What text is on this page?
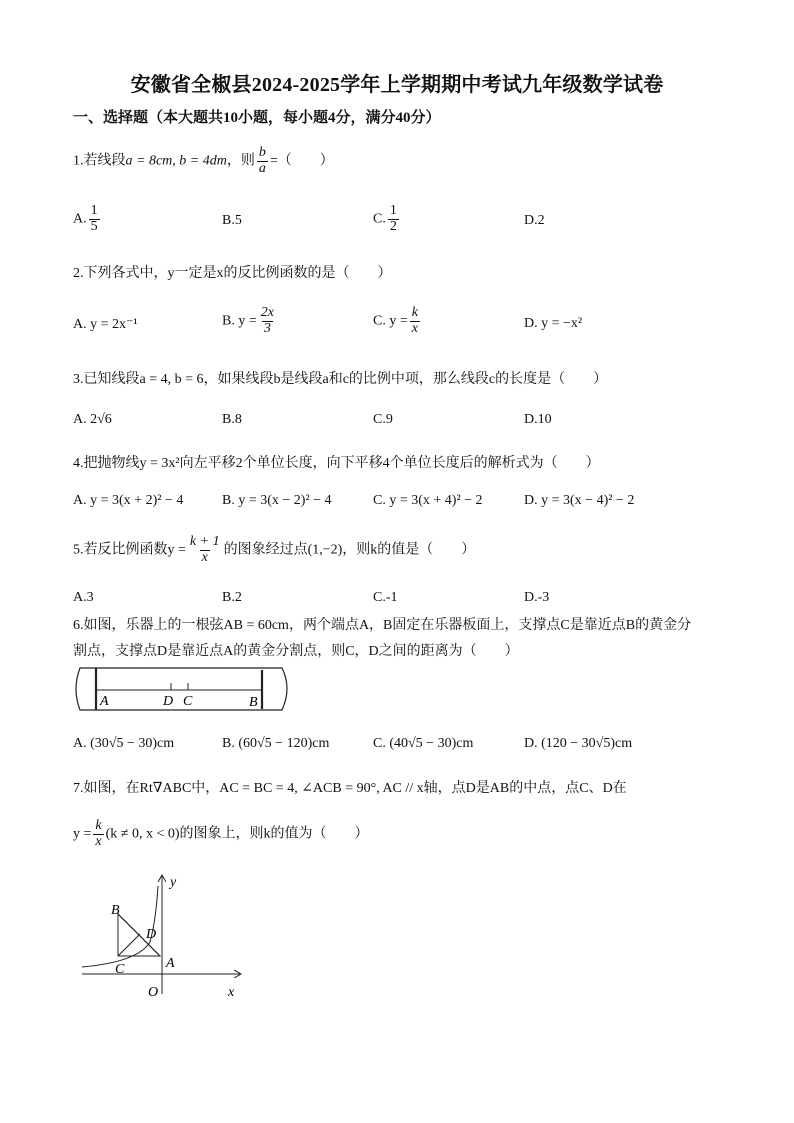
安徽省全椒县2024-2025学年上学期期中考试九年级数学试卷
一、选择题（本大题共10小题，每小题4分，满分40分）
1.若线段a = 8cm, b = 4dm，则 $\frac{b}{a}$ =（　　）
A. $\frac{1}{5}$	B.5	C. $\frac{1}{2}$	D.2
2.下列各式中，y一定是x的反比例函数的是（　　）
A. y = 2x⁻¹	B. $y = \frac{2x}{3}$	C. $y = \frac{k}{x}$	D. y = −x²
3.已知线段a = 4, b = 6，如果线段b是线段a和c的比例中项，那么线段c的长度是（　　）
A. 2√6	B.8	C.9	D.10
4.把抛物线y = 3x²向左平移2个单位长度，向下平移4个单位长度后的解析式为（　　）
A. y = 3(x + 2)² − 4	B. y = 3(x − 2)² − 4	C. y = 3(x + 4)² − 2	D. y = 3(x − 4)² − 2
5.若反比例函数$y = \frac{k + 1}{x}$ 的图象经过点(1,−2)，则k的值是（　　）
A.3	B.2	C.-1	D.-3
6.如图，乐器上的一根弦AB = 60cm，两个端点A，B固定在乐器板面上，支撑点C是靠近点B的黄金分
割点，支撑点D是靠近点A的黄金分割点，则C，D之间的距离为（　　）
A	D C	B
A. (30√5 − 30)cm	B. (60√5 − 120)cm	C. (40√5 − 30)cm	D. (120 − 30√5)cm
7.如图，在Rt∇ABC中，AC = BC = 4, ∠ACB = 90°, AC // x轴，点D是AB的中点，点C、D在
$y = \frac{k}{x} (k \ne 0$, x < 0)的图象上，则k的值为（　　）
y
B
D
C	A
O	x
